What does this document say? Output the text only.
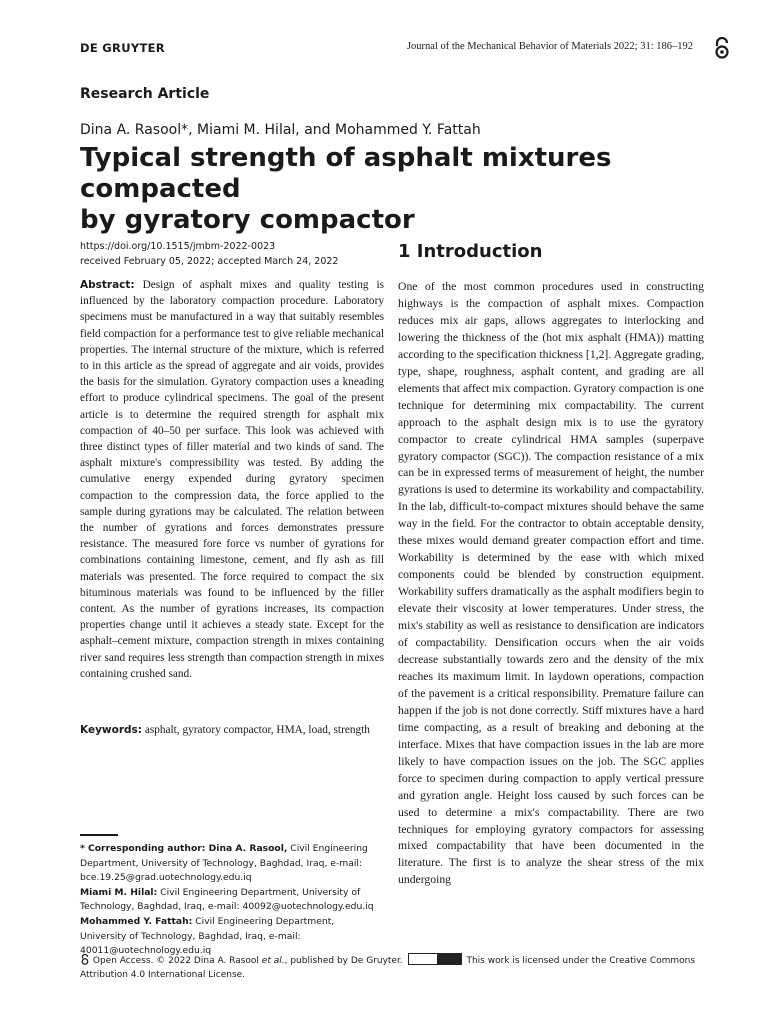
DE GRUYTER	Journal of the Mechanical Behavior of Materials 2022; 31: 186–192
Research Article
Dina A. Rasool*, Miami M. Hilal, and Mohammed Y. Fattah
Typical strength of asphalt mixtures compacted
by gyratory compactor
https://doi.org/10.1515/jmbm-2022-0023
received February 05, 2022; accepted March 24, 2022	1 Introduction
Abstract: Design of asphalt mixes and quality testing is influenced by the laboratory compaction procedure. Laboratory specimens must be manufactured in a way that suitably resembles field compaction for a performance test to give reliable mechanical properties. The internal structure of the mixture, which is referred to in this article as the spread of aggregate and air voids, provides the basis for the simulation. Gyratory compaction uses a kneading effort to produce cylindrical specimens. The goal of the present article is to determine the required strength for asphalt mix compaction of 40–50 per surface. This look was achieved with three distinct types of filler material and two kinds of sand. The asphalt mixture's compressibility was tested. By adding the cumulative energy expended during gyratory specimen compaction to the compression data, the force applied to the sample during gyrations may be calculated. The relation between the number of gyrations and forces demonstrates pressure resistance. The measured fore force vs number of gyrations for combinations containing limestone, cement, and fly ash as fill materials was presented. The force required to compact the six bituminous materials was found to be influenced by the filler content. As the number of gyrations increases, its compaction properties change until it achieves a steady state. Except for the asphalt–cement mixture, compaction strength in mixes containing river sand requires less strength than compaction strength in mixes containing crushed sand.
Keywords: asphalt, gyratory compactor, HMA, load, strength
One of the most common procedures used in constructing highways is the compaction of asphalt mixes. Compaction reduces mix air gaps, allows aggregates to interlocking and lowering the thickness of the (hot mix asphalt (HMA)) matting according to the specification thickness [1,2]. Aggregate grading, type, shape, roughness, asphalt content, and grading are all elements that affect mix compaction. Gyratory compaction is one technique for determining mix compactability. The current approach to the asphalt design mix is to use the gyratory compactor to create cylindrical HMA samples (superpave gyratory compactor (SGC)). The compaction resistance of a mix can be in expressed terms of measurement of height, the number gyrations is used to determine its workability and compactability. In the lab, difficult-to-compact mixtures should behave the same way in the field. For the contractor to obtain acceptable density, these mixes would demand greater compaction effort and time. Workability is determined by the ease with which mixed components could be blended by construction equipment. Workability suffers dramatically as the asphalt modifiers begin to elevate their viscosity at lower temperatures. Under stress, the mix's stability as well as resistance to densification are indicators of compactability. Densification occurs when the air voids decrease substantially towards zero and the density of the mix reaches its maximum limit. In laydown operations, compaction of the pavement is a critical responsibility. Premature failure can happen if the job is not done correctly. Stiff mixtures have a hard time compacting, as a result of breaking and deboning at the interface. Mixes that have compaction issues in the lab are more likely to have compaction issues on the job. The SGC applies force to specimen during compaction to apply vertical pressure and gyration angle. Height loss caused by such forces can be used to determine a mix's compactability. There are two techniques for employing gyratory compactors for assessing mixed compactability that have been documented in the literature. The first is to analyze the shear stress of the mix undergoing
* Corresponding author: Dina A. Rasool, Civil Engineering Department, University of Technology, Baghdad, Iraq, e-mail: bce.19.25@grad.uotechnology.edu.iq
Miami M. Hilal: Civil Engineering Department, University of Technology, Baghdad, Iraq, e-mail: 40092@uotechnology.edu.iq
Mohammed Y. Fattah: Civil Engineering Department, University of Technology, Baghdad, Iraq, e-mail: 40011@uotechnology.edu.iq
Open Access. © 2022 Dina A. Rasool et al., published by De Gruyter.	This work is licensed under the Creative Commons Attribution 4.0 International License.
